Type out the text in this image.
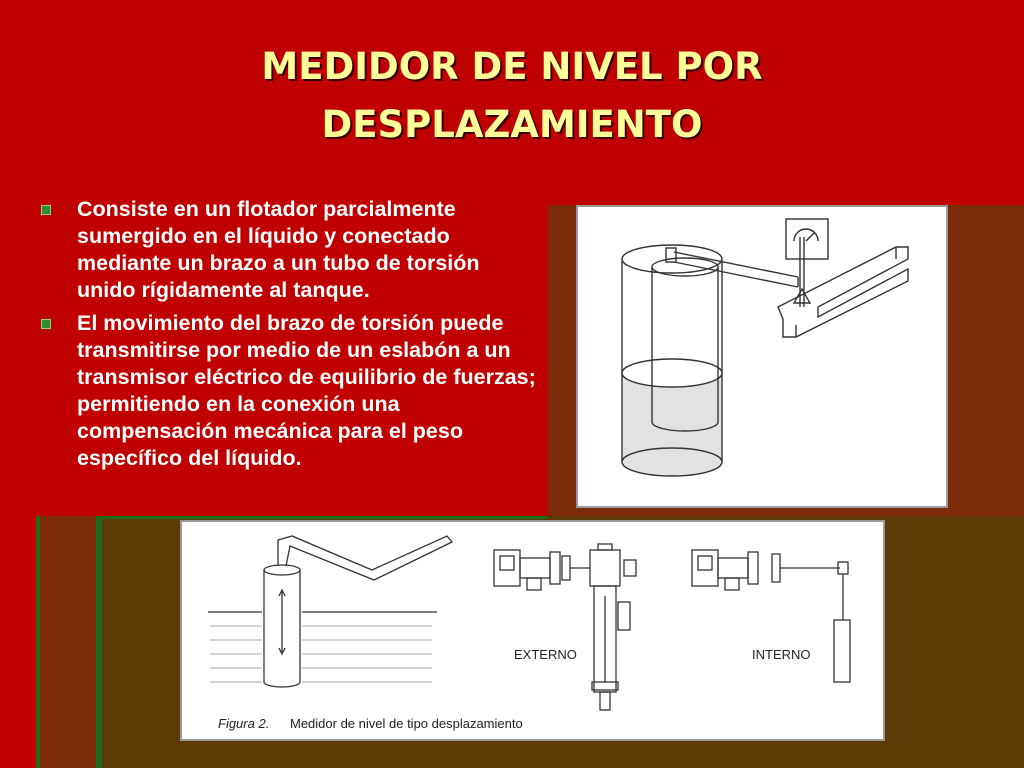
MEDIDOR DE NIVEL POR
DESPLAZAMIENTO
Consiste en un flotador parcialmente sumergido en el líquido y conectado mediante un brazo a un tubo de torsión unido rígidamente al tanque.
El movimiento del brazo de torsión puede transmitirse por medio de un eslabón a un transmisor eléctrico de equilibrio de fuerzas; permitiendo en la conexión una compensación mecánica para el peso específico del líquido.
EXTERNO	INTERNO
Figura 2. Medidor de nivel de tipo desplazamiento
